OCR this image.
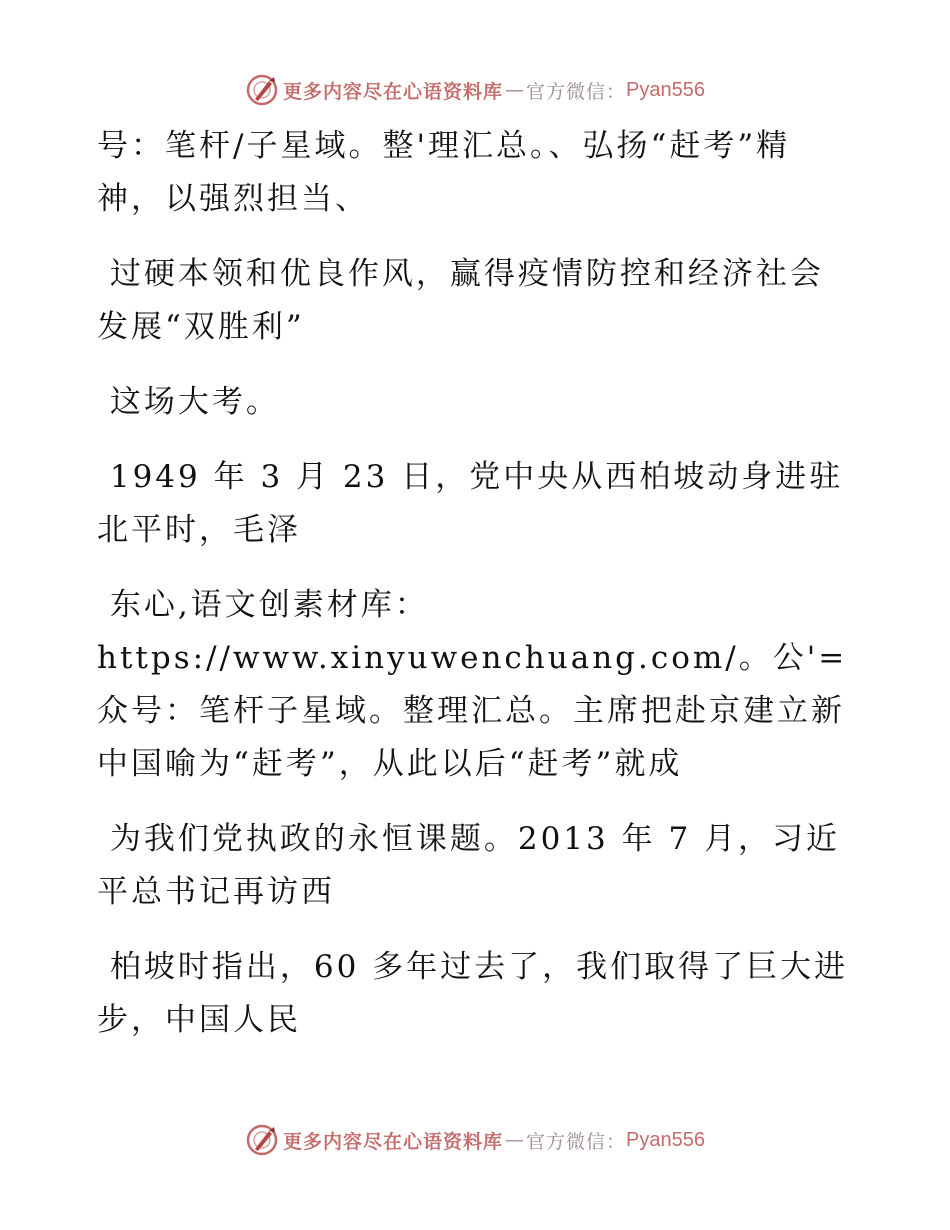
更多内容尽在心语资料库 — 官方微信： Pyan556

号：笔杆/子星域。整'理汇总。、弘扬“赶考”精神，以强烈担当、

过硬本领和优良作风，赢得疫情防控和经济社会发展“双胜利”

这场大考。

1949 年 3 月 23 日，党中央从西柏坡动身进驻北平时，毛泽

东心,语文创素材库：https://www.xinyuwenchuang.com/。公'=众号：笔杆子星域。整理汇总。主席把赴京建立新中国喻为“赶考”，从此以后“赶考”就成

为我们党执政的永恒课题。2013 年 7 月，习近平总书记再访西

柏坡时指出，60 多年过去了，我们取得了巨大进步，中国人民

更多内容尽在心语资料库 — 官方微信： Pyan556
